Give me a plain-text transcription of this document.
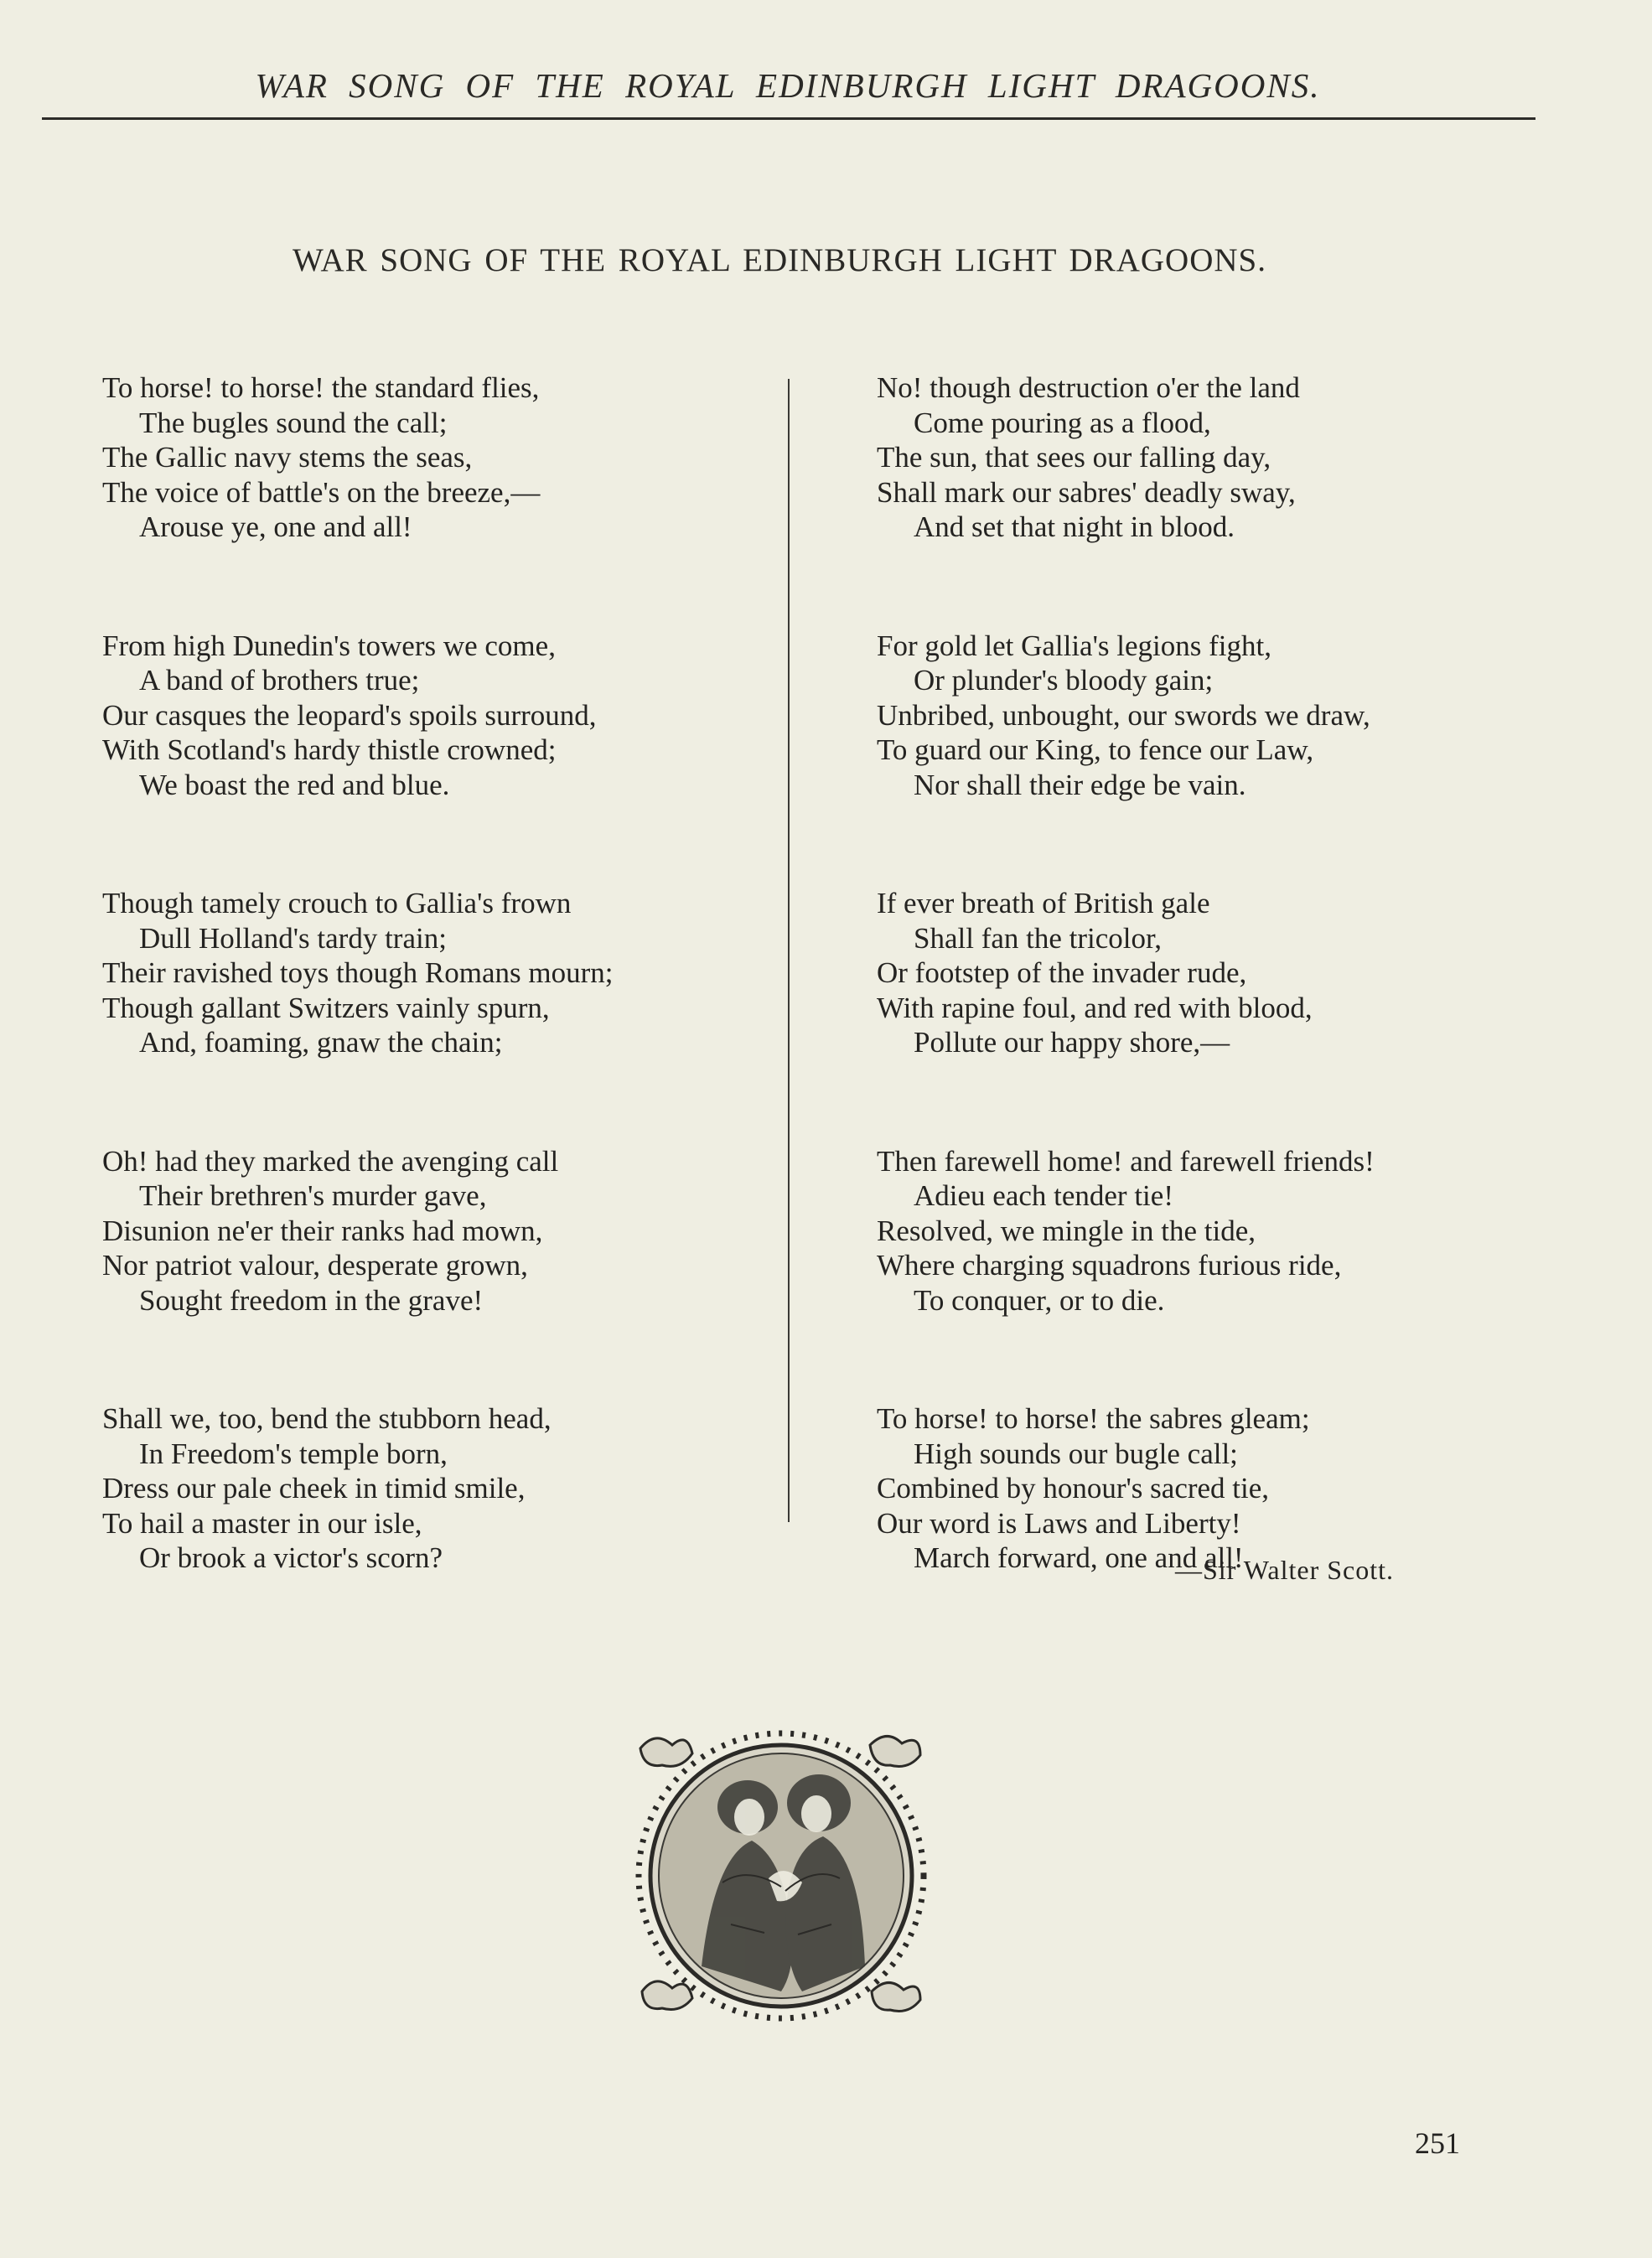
WAR SONG OF THE ROYAL EDINBURGH LIGHT DRAGOONS.
WAR SONG OF THE ROYAL EDINBURGH LIGHT DRAGOONS.
To horse! to horse! the standard flies,
The bugles sound the call;
The Gallic navy stems the seas,
The voice of battle's on the breeze,—
Arouse ye, one and all!
From high Dunedin's towers we come,
A band of brothers true;
Our casques the leopard's spoils surround,
With Scotland's hardy thistle crowned;
We boast the red and blue.
Though tamely crouch to Gallia's frown
Dull Holland's tardy train;
Their ravished toys though Romans mourn;
Though gallant Switzers vainly spurn,
And, foaming, gnaw the chain;
Oh! had they marked the avenging call
Their brethren's murder gave,
Disunion ne'er their ranks had mown,
Nor patriot valour, desperate grown,
Sought freedom in the grave!
Shall we, too, bend the stubborn head,
In Freedom's temple born,
Dress our pale cheek in timid smile,
To hail a master in our isle,
Or brook a victor's scorn?
No! though destruction o'er the land
Come pouring as a flood,
The sun, that sees our falling day,
Shall mark our sabres' deadly sway,
And set that night in blood.
For gold let Gallia's legions fight,
Or plunder's bloody gain;
Unbribed, unbought, our swords we draw,
To guard our King, to fence our Law,
Nor shall their edge be vain.
If ever breath of British gale
Shall fan the tricolor,
Or footstep of the invader rude,
With rapine foul, and red with blood,
Pollute our happy shore,—
Then farewell home! and farewell friends!
Adieu each tender tie!
Resolved, we mingle in the tide,
Where charging squadrons furious ride,
To conquer, or to die.
To horse! to horse! the sabres gleam;
High sounds our bugle call;
Combined by honour's sacred tie,
Our word is Laws and Liberty!
March forward, one and all!
—Sir Walter Scott.
251
